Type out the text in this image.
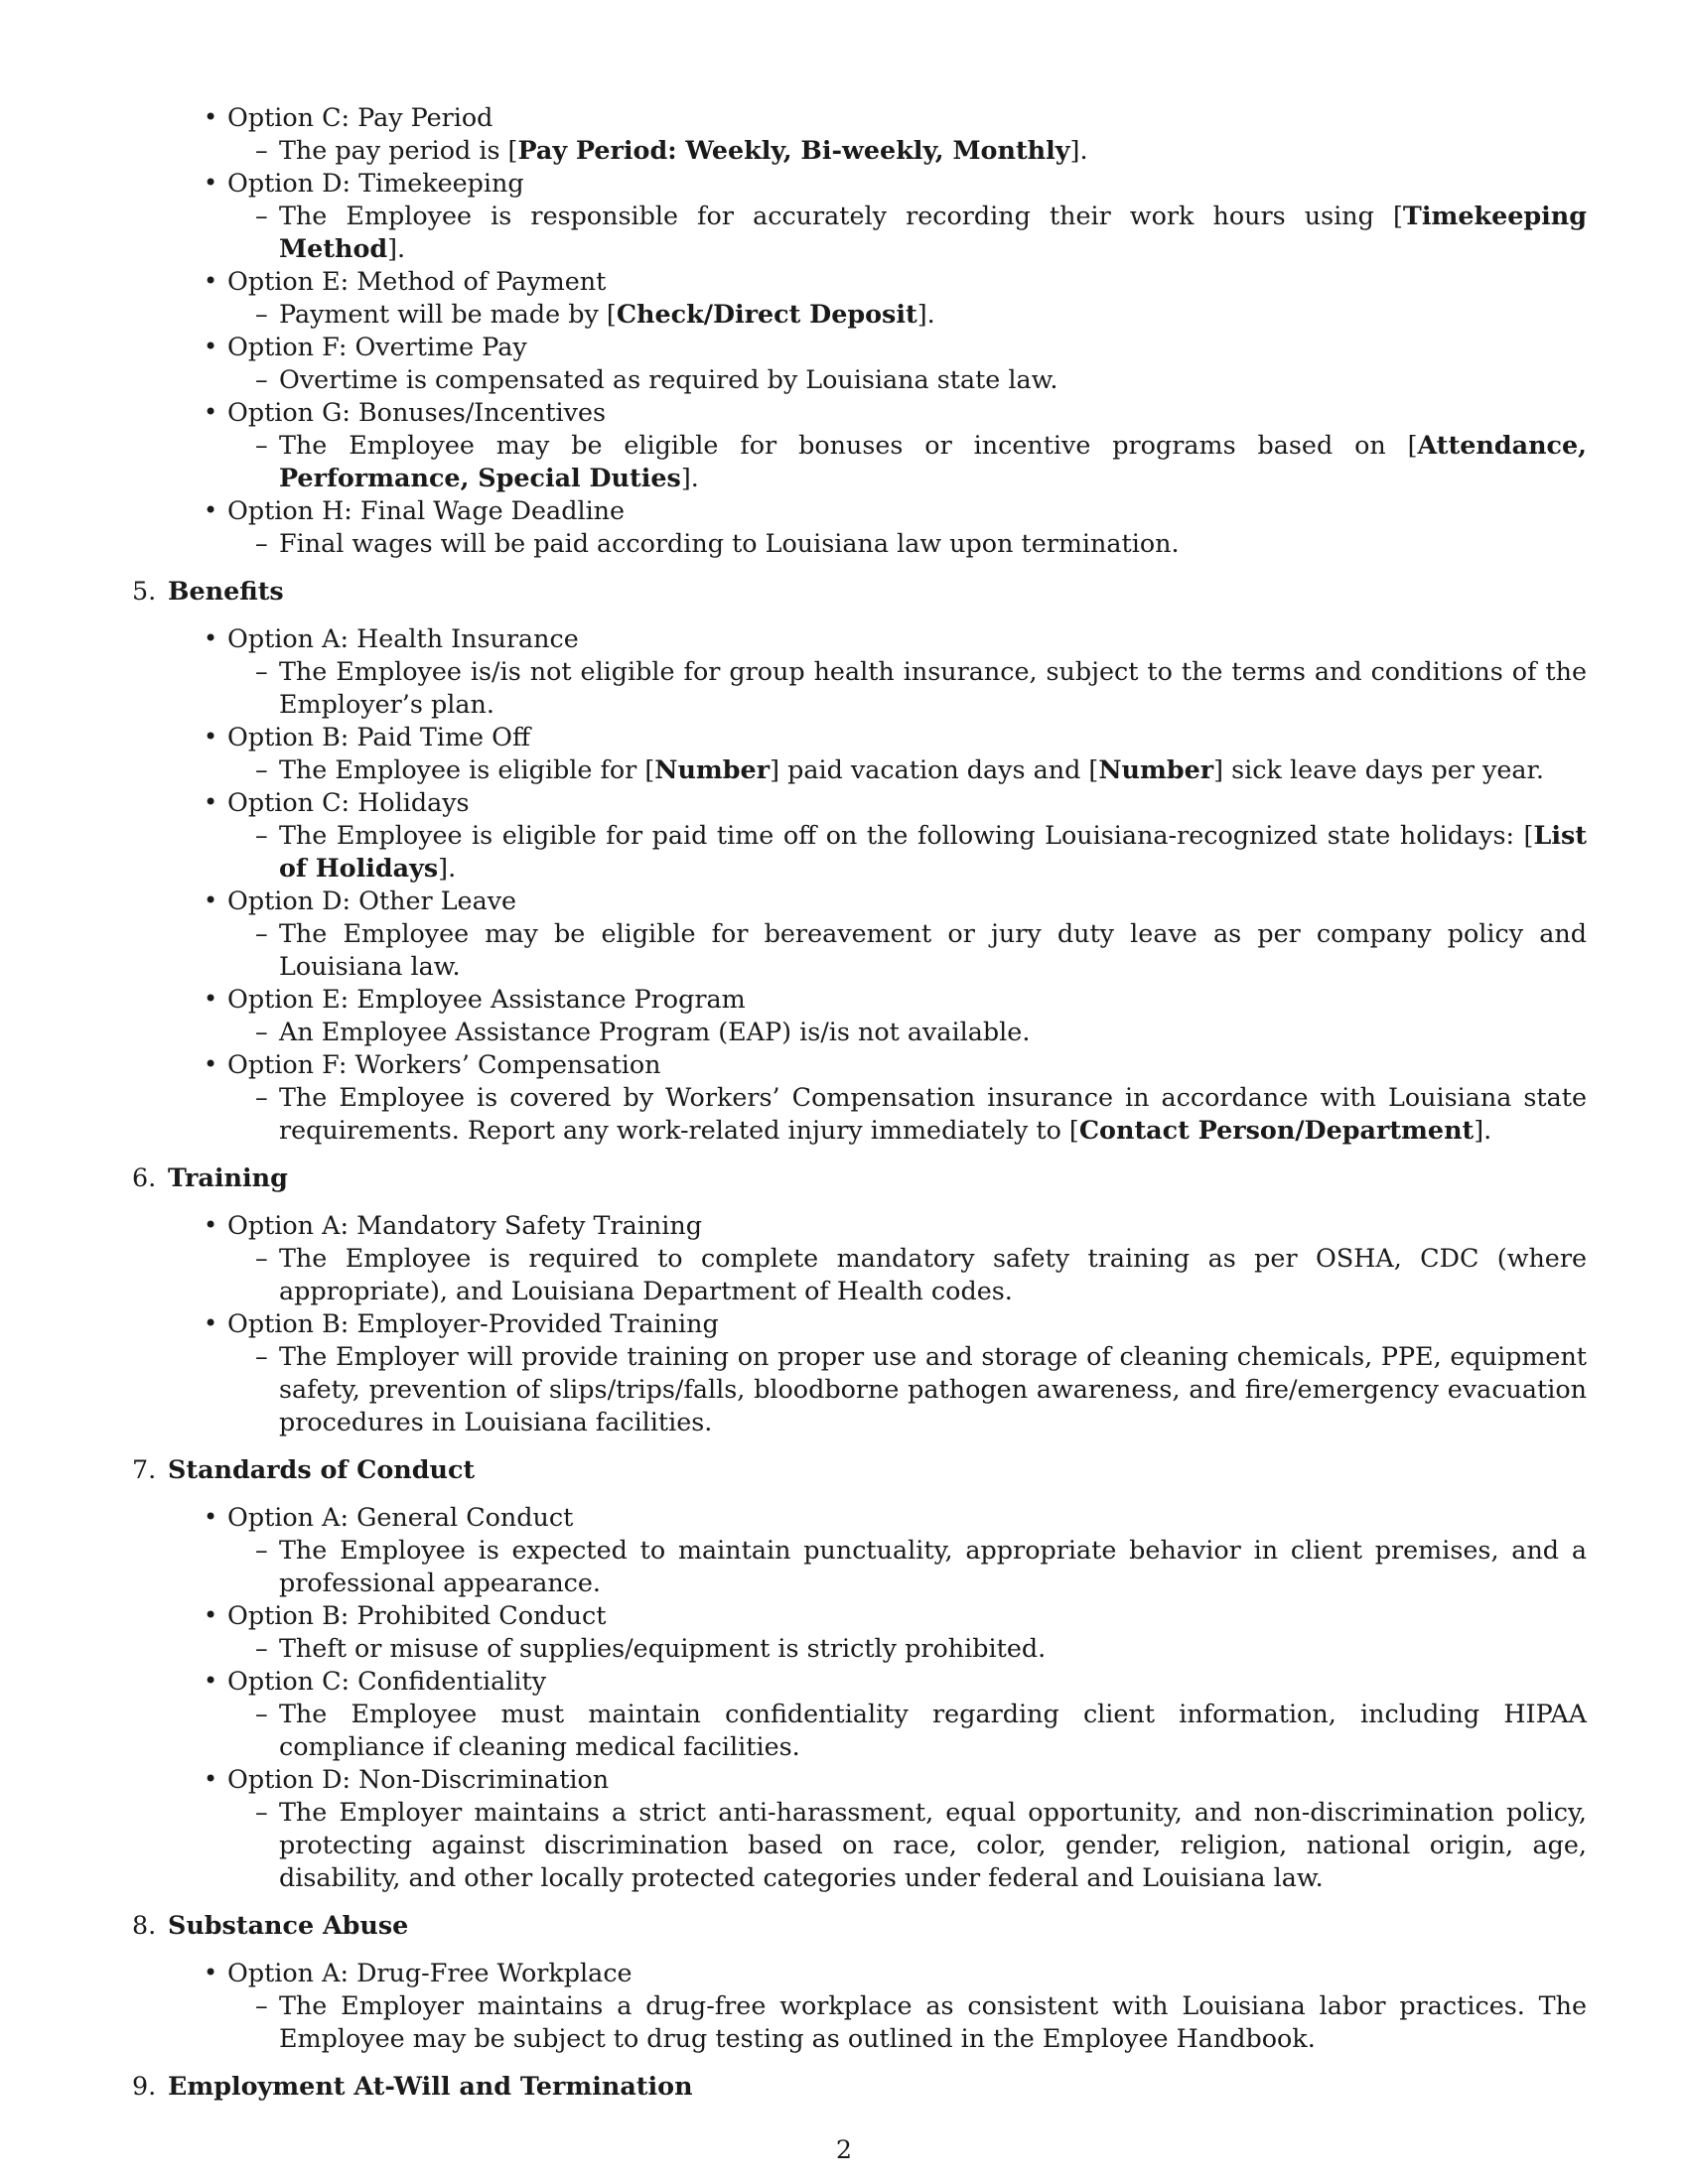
• Option C: Pay Period
– The pay period is [Pay Period: Weekly, Bi-weekly, Monthly].
• Option D: Timekeeping
– The Employee is responsible for accurately recording their work hours using [Timekeeping Method].
• Option E: Method of Payment
– Payment will be made by [Check/Direct Deposit].
• Option F: Overtime Pay
– Overtime is compensated as required by Louisiana state law.
• Option G: Bonuses/Incentives
– The Employee may be eligible for bonuses or incentive programs based on [Attendance, Performance, Special Duties].
• Option H: Final Wage Deadline
– Final wages will be paid according to Louisiana law upon termination.
5. Benefits
• Option A: Health Insurance
– The Employee is/is not eligible for group health insurance, subject to the terms and conditions of the Employer’s plan.
• Option B: Paid Time Off
– The Employee is eligible for [Number] paid vacation days and [Number] sick leave days per year.
• Option C: Holidays
– The Employee is eligible for paid time off on the following Louisiana-recognized state holidays: [List of Holidays].
• Option D: Other Leave
– The Employee may be eligible for bereavement or jury duty leave as per company policy and Louisiana law.
• Option E: Employee Assistance Program
– An Employee Assistance Program (EAP) is/is not available.
• Option F: Workers’ Compensation
– The Employee is covered by Workers’ Compensation insurance in accordance with Louisiana state requirements. Report any work-related injury immediately to [Contact Person/Department].
6. Training
• Option A: Mandatory Safety Training
– The Employee is required to complete mandatory safety training as per OSHA, CDC (where appropriate), and Louisiana Department of Health codes.
• Option B: Employer-Provided Training
– The Employer will provide training on proper use and storage of cleaning chemicals, PPE, equipment safety, prevention of slips/trips/falls, bloodborne pathogen awareness, and fire/emergency evacuation procedures in Louisiana facilities.
7. Standards of Conduct
• Option A: General Conduct
– The Employee is expected to maintain punctuality, appropriate behavior in client premises, and a professional appearance.
• Option B: Prohibited Conduct
– Theft or misuse of supplies/equipment is strictly prohibited.
• Option C: Confidentiality
– The Employee must maintain confidentiality regarding client information, including HIPAA compliance if cleaning medical facilities.
• Option D: Non-Discrimination
– The Employer maintains a strict anti-harassment, equal opportunity, and non-discrimination policy, protecting against discrimination based on race, color, gender, religion, national origin, age, disability, and other locally protected categories under federal and Louisiana law.
8. Substance Abuse
• Option A: Drug-Free Workplace
– The Employer maintains a drug-free workplace as consistent with Louisiana labor practices. The Employee may be subject to drug testing as outlined in the Employee Handbook.
9. Employment At-Will and Termination
2
